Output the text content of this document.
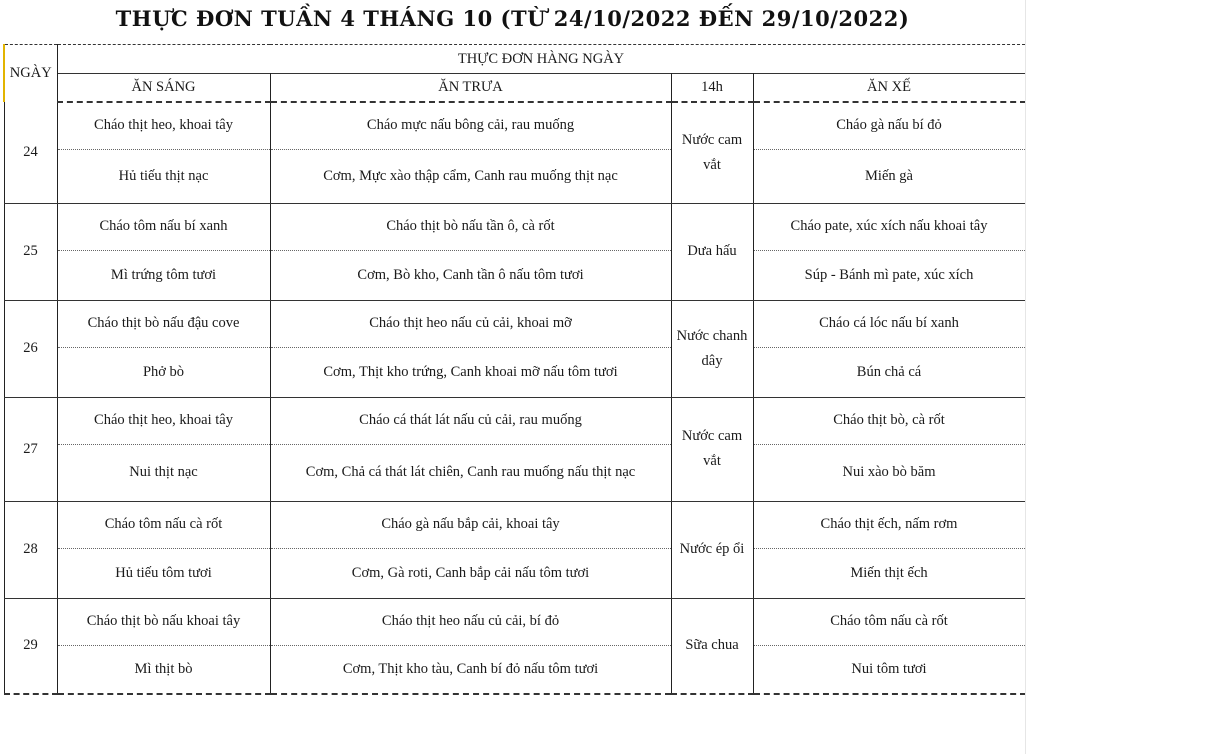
THỰC ĐƠN TUẦN 4 THÁNG 10 (TỪ 24/10/2022 ĐẾN 29/10/2022)
NGÀY	THỰC ĐƠN HÀNG NGÀY			
	ĂN SÁNG	ĂN TRƯA	14h	ĂN XẾ
24	Cháo thịt heo, khoai tây	Cháo mực nấu bông cải, rau muống	Nước cam vắt	Cháo gà nấu bí đỏ
	Hủ tiếu thịt nạc	Cơm, Mực xào thập cẩm, Canh rau muống thịt nạc		Miến gà
25	Cháo tôm nấu bí xanh	Cháo thịt bò nấu tần ô, cà rốt	Dưa hấu	Cháo pate, xúc xích nấu khoai tây
	Mì trứng tôm tươi	Cơm, Bò kho, Canh tần ô nấu tôm tươi		Súp - Bánh mì pate, xúc xích
26	Cháo thịt bò nấu đậu cove	Cháo thịt heo nấu củ cải, khoai mỡ	Nước chanh dây	Cháo cá lóc nấu bí xanh
	Phở bò	Cơm, Thịt kho trứng, Canh khoai mỡ nấu tôm tươi		Bún chả cá
27	Cháo thịt heo, khoai tây	Cháo cá thát lát nấu củ cải, rau muống	Nước cam vắt	Cháo thịt bò, cà rốt
	Nui thịt nạc	Cơm, Chả cá thát lát chiên, Canh rau muống nấu thịt nạc		Nui xào bò băm
28	Cháo tôm nấu cà rốt	Cháo gà nấu bắp cải, khoai tây	Nước ép ổi	Cháo thịt ếch, nấm rơm
	Hủ tiếu tôm tươi	Cơm, Gà roti, Canh bắp cải nấu tôm tươi		Miến thịt ếch
29	Cháo thịt bò nấu khoai tây	Cháo thịt heo nấu củ cải, bí đỏ	Sữa chua	Cháo tôm nấu cà rốt
	Mì thịt bò	Cơm, Thịt kho tàu, Canh bí đỏ nấu tôm tươi		Nui tôm tươi
